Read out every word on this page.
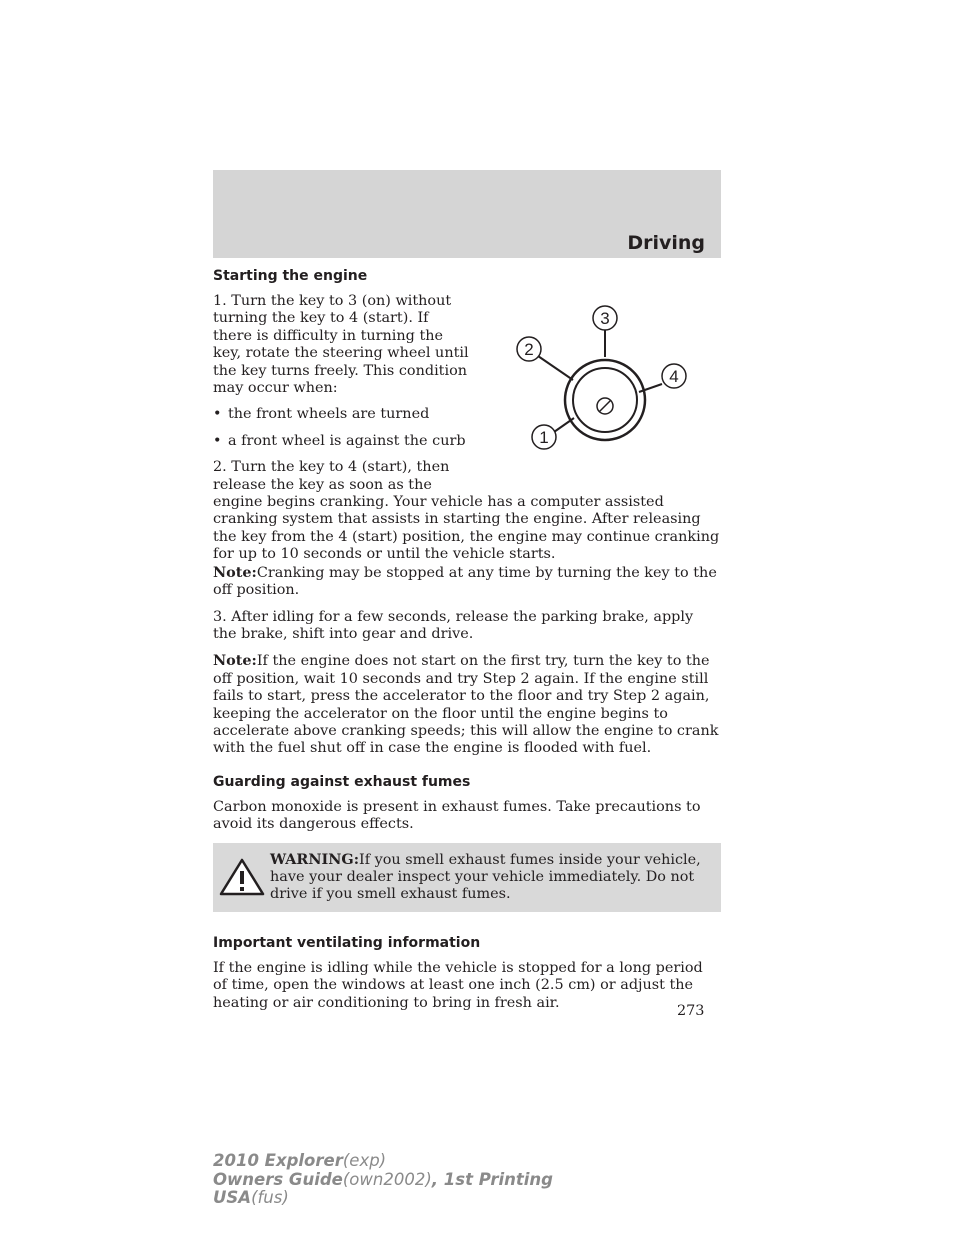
Driving
3
2
4
1
Starting the engine

1. Turn the key to 3 (on) without turning the key to 4 (start). If there is difficulty in turning the key, rotate the steering wheel until the key turns freely. This condition may occur when:

• the front wheels are turned
• a front wheel is against the curb

2. Turn the key to 4 (start), then release the key as soon as the

engine begins cranking. Your vehicle has a computer assisted cranking system that assists in starting the engine. After releasing the key from the 4 (start) position, the engine may continue cranking for up to 10 seconds or until the vehicle starts.

Note:Cranking may be stopped at any time by turning the key to the off position.

3. After idling for a few seconds, release the parking brake, apply the brake, shift into gear and drive.

Note:If the engine does not start on the first try, turn the key to the off position, wait 10 seconds and try Step 2 again. If the engine still fails to start, press the accelerator to the floor and try Step 2 again, keeping the accelerator on the floor until the engine begins to accelerate above cranking speeds; this will allow the engine to crank with the fuel shut off in case the engine is flooded with fuel.

Guarding against exhaust fumes

Carbon monoxide is present in exhaust fumes. Take precautions to avoid its dangerous effects.

WARNING:If you smell exhaust fumes inside your vehicle, have your dealer inspect your vehicle immediately. Do not drive if you smell exhaust fumes.

Important ventilating information

If the engine is idling while the vehicle is stopped for a long period of time, open the windows at least one inch (2.5 cm) or adjust the heating or air conditioning to bring in fresh air.

273
2010 Explorer(exp)
Owners Guide(own2002), 1st Printing
USA(fus)
